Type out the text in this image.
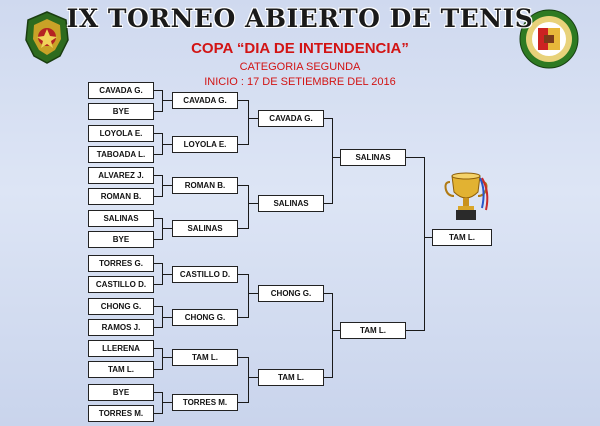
IX TORNEO ABIERTO DE TENIS
COPA “DIA DE INTENDENCIA”
CATEGORIA SEGUNDA
INICIO : 17 DE SETIEMBRE DEL 2016
CAVADA G.
BYE
LOYOLA E.
TABOADA L.
ALVAREZ J.
ROMAN B.
SALINAS
BYE
TORRES G.
CASTILLO D.
CHONG G.
RAMOS J.
LLERENA
TAM L.
BYE
TORRES M.
CAVADA G.
LOYOLA E.
ROMAN B.
SALINAS
CASTILLO D.
CHONG G.
TAM L.
TORRES M.
CAVADA G.
SALINAS
CHONG G.
TAM L.
SALINAS
TAM L.
TAM L.
